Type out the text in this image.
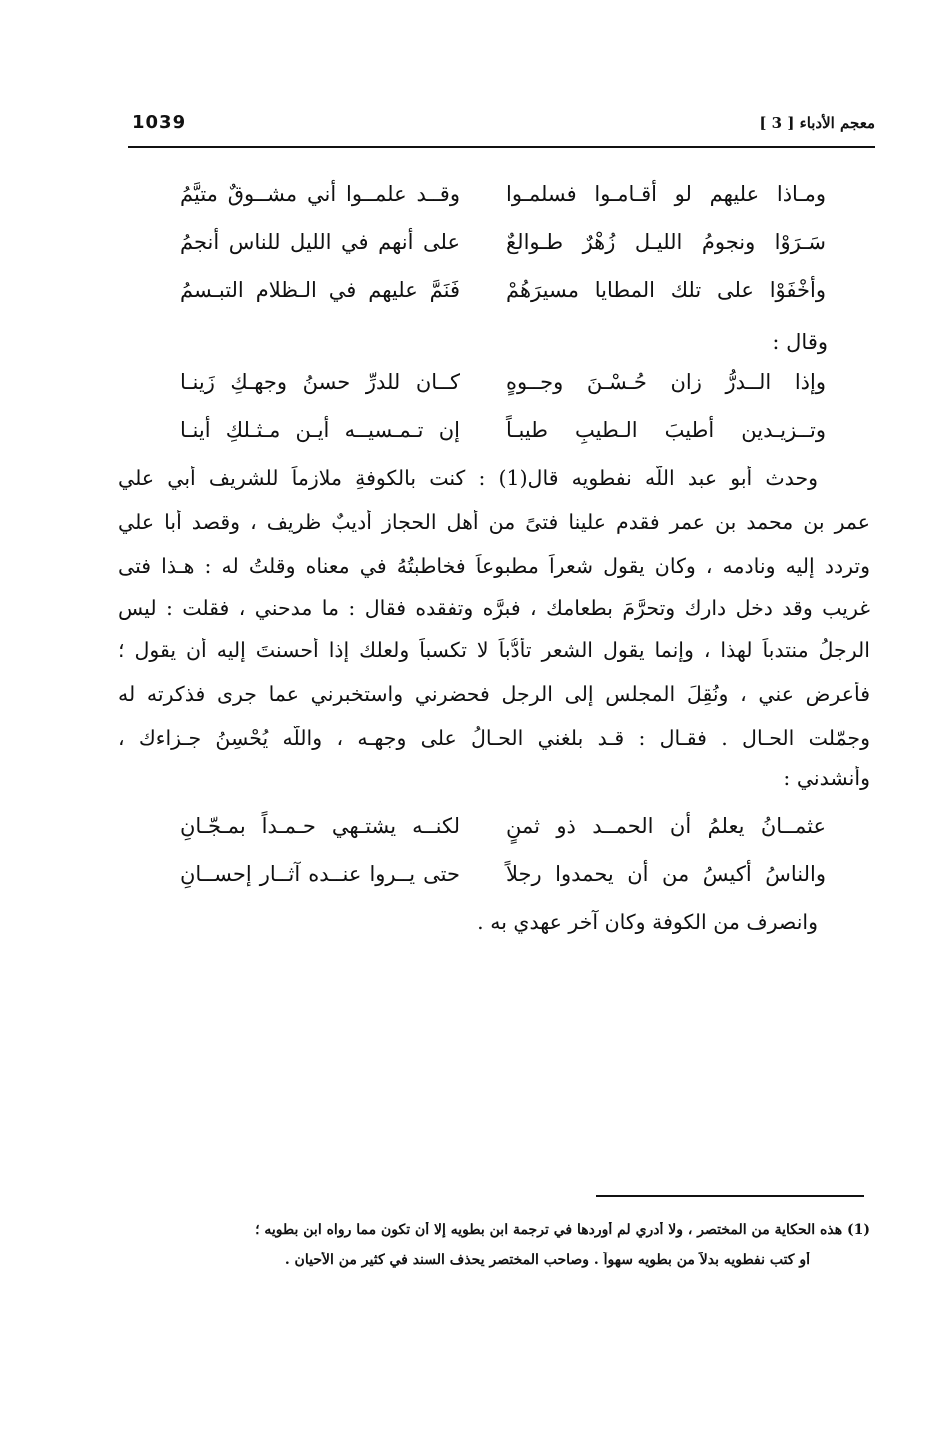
1039	معجم الأدباء [ 3 ]
ومـاذا عليهم لو أقـامـوا فسلمـوا
وقــد علمــوا أني مشــوقٌ متيَّمُ
سَـرَوْا ونجومُ الليـل زُهْرٌ طـوالعٌ
على أنهم في الليل للناس أنجمُ
وأخْفَوْا على تلك المطايا مسيرَهُمْ
فَنَمَّ عليهم في الـظلام التبـسمُ
وقال :
وإذا الــدرُّ زان حُـسْـنَ وجــوهٍ
كــان للدرِّ حسنُ وجهـكِ زَينـا
وتــزيـدين أطيبَ الـطيبِ طيبـاً
إن تـمـسيــه أيـن مـثـلكِ أينـا
وحدث أبو عبد اللّه نفطويه قال(1) : كنت بالكوفةِ ملازماً للشريف أبي علي
عمر بن محمد بن عمر فقدم علينا فتىً من أهل الحجاز أديبٌ ظريف ، وقصد أبا علي
وتردد إليه ونادمه ، وكان يقول شعراً مطبوعاً فخاطبتُهُ في معناه وقلتُ له : هـذا فتى
غريب وقد دخل دارك وتحرَّمَ بطعامك ، فبرَّه وتفقده فقال : ما مدحني ، فقلت : ليس
الرجلُ منتدباً لهذا ، وإنما يقول الشعر تأدُّباً لا تكسباً ولعلك إذا أحسنتَ إليه أن يقول ؛
فأعرض عني ، ونُقِلَ المجلس إلى الرجل فحضرني واستخبرني عما جرى فذكرته له
وجمّلت الحـال . فقـال : قـد بلغني الحـالُ على وجهـه ، واللّه يُحْسِنُ جـزاءك ،
وأنشدني :
عثمــانُ يعلمُ أن الحمــد ذو ثمنٍ
لكنــه يشتـهي حـمـداً بمـجّـانِ
والناسُ أكيسُ من أن يحمدوا رجلاً
حتى يــروا عنــده آثــار إحســانِ
وانصرف من الكوفة وكان آخر عهدي به .
(1) هذه الحكاية من المختصر ، ولا أدري لم أوردها في ترجمة ابن بطويه إلا أن تكون مما رواه ابن بطويه ؛
أو كتب نفطويه بدلاً من بطويه سهواً . وصاحب المختصر يحذف السند في كثير من الأحيان .
